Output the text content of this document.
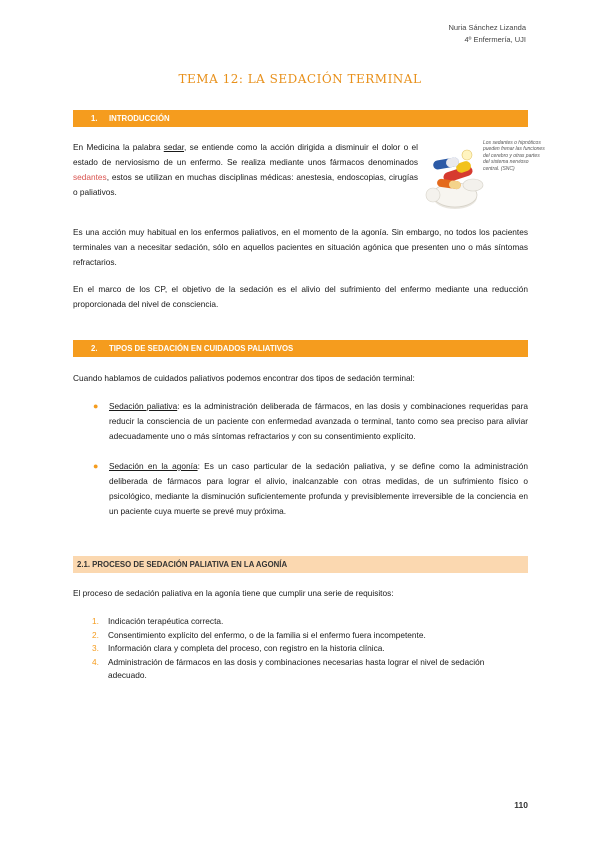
Nuria Sánchez Lizanda
4º Enfermería, UJI
TEMA 12: LA SEDACIÓN TERMINAL
1. INTRODUCCIÓN
En Medicina la palabra sedar, se entiende como la acción dirigida a disminuir el dolor o el estado de nerviosismo de un enfermo. Se realiza mediante unos fármacos denominados sedantes, estos se utilizan en muchas disciplinas médicas: anestesia, endoscopias, cirugías o paliativos.
Los sedantes o hipnóticos pueden frenar las funciones del cerebro y otras partes del sistema nervioso central. (SNC)
Es una acción muy habitual en los enfermos paliativos, en el momento de la agonía. Sin embargo, no todos los pacientes terminales van a necesitar sedación, sólo en aquellos pacientes en situación agónica que presenten uno o más síntomas refractarios.
En el marco de los CP, el objetivo de la sedación es el alivio del sufrimiento del enfermo mediante una reducción proporcionada del nivel de consciencia.
2. TIPOS DE SEDACIÓN EN CUIDADOS PALIATIVOS
Cuando hablamos de cuidados paliativos podemos encontrar dos tipos de sedación terminal:
● Sedación paliativa: es la administración deliberada de fármacos, en las dosis y combinaciones requeridas para reducir la consciencia de un paciente con enfermedad avanzada o terminal, tanto como sea preciso para aliviar adecuadamente uno o más síntomas refractarios y con su consentimiento explícito.
● Sedación en la agonía: Es un caso particular de la sedación paliativa, y se define como la administración deliberada de fármacos para lograr el alivio, inalcanzable con otras medidas, de un sufrimiento físico o psicológico, mediante la disminución suficientemente profunda y previsiblemente irreversible de la conciencia en un paciente cuya muerte se prevé muy próxima.
2.1. PROCESO DE SEDACIÓN PALIATIVA EN LA AGONÍA
El proceso de sedación paliativa en la agonía tiene que cumplir una serie de requisitos:
1. Indicación terapéutica correcta.
2. Consentimiento explícito del enfermo, o de la familia si el enfermo fuera incompetente.
3. Información clara y completa del proceso, con registro en la historia clínica.
4. Administración de fármacos en las dosis y combinaciones necesarias hasta lograr el nivel de sedación adecuado.
110
